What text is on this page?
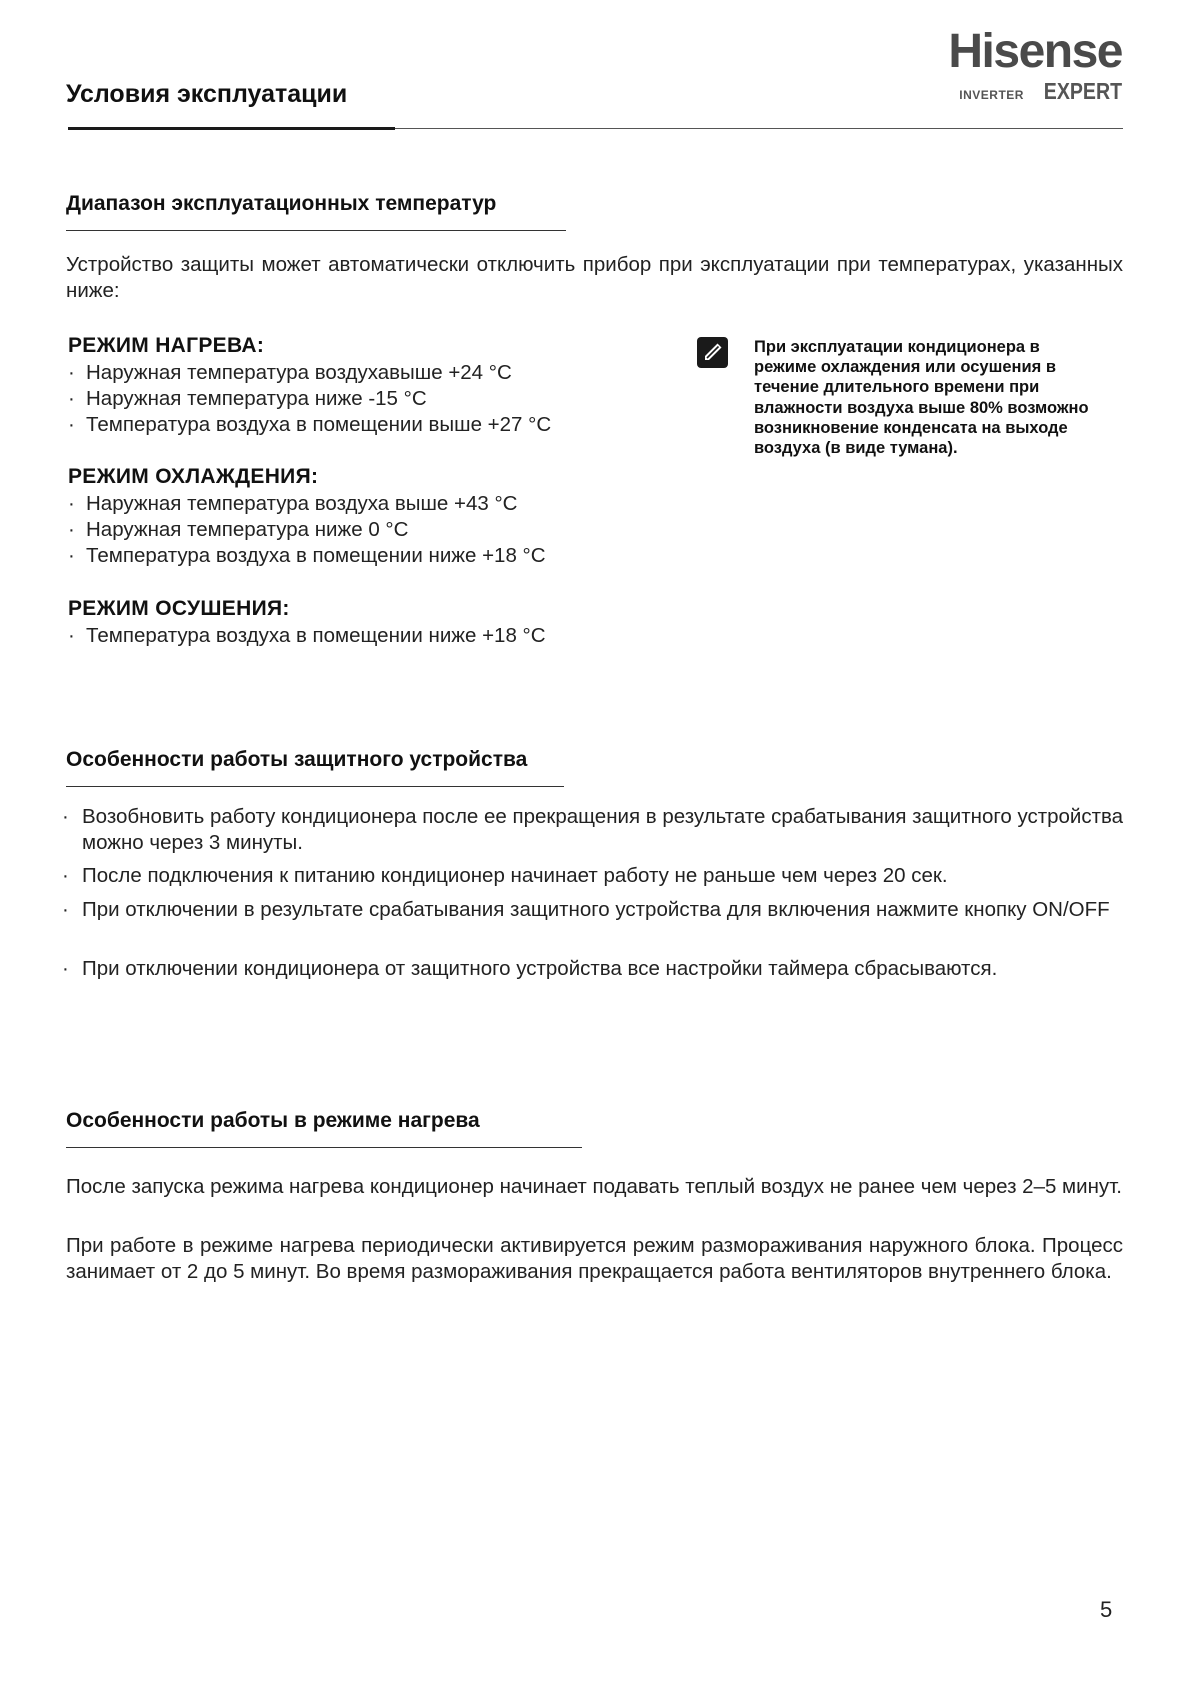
Условия эксплуатации
Hisense
INVERTER EXPERT
Диапазон эксплуатационных температур
Устройство защиты может автоматически отключить прибор при эксплуатации при температурах, указанных ниже:
РЕЖИМ НАГРЕВА:
· Наружная температура воздухавыше +24 °С
· Наружная температура ниже -15 °С
· Температура воздуха в помещении выше +27 °С
РЕЖИМ ОХЛАЖДЕНИЯ:
· Наружная температура воздуха выше +43 °С
· Наружная температура ниже 0 °С
· Температура воздуха в помещении ниже +18 °С
РЕЖИМ ОСУШЕНИЯ:
· Температура воздуха в помещении ниже +18 °С
При эксплуатации кондиционера в режиме охлаждения или осушения в течение длительного времени при влажности воздуха выше 80% возможно возникновение конденсата на выходе воздуха (в виде тумана).
Особенности работы защитного устройства
· Возобновить работу кондиционера после ее прекращения в результате срабатывания защитного устройства можно через 3 минуты.
· После подключения к питанию кондиционер начинает работу не раньше чем через 20 сек.
· При отключении в результате срабатывания защитного устройства для включения нажмите кнопку ON/OFF
· При отключении кондиционера от защитного устройства все настройки таймера сбрасываются.
Особенности работы в режиме нагрева
После запуска режима нагрева кондиционер начинает подавать теплый воздух не ранее чем через 2–5 минут.
При работе в режиме нагрева периодически активируется режим размораживания наружного блока. Процесс занимает от 2 до 5 минут. Во время размораживания прекращается работа вентиляторов внутреннего блока.
5
